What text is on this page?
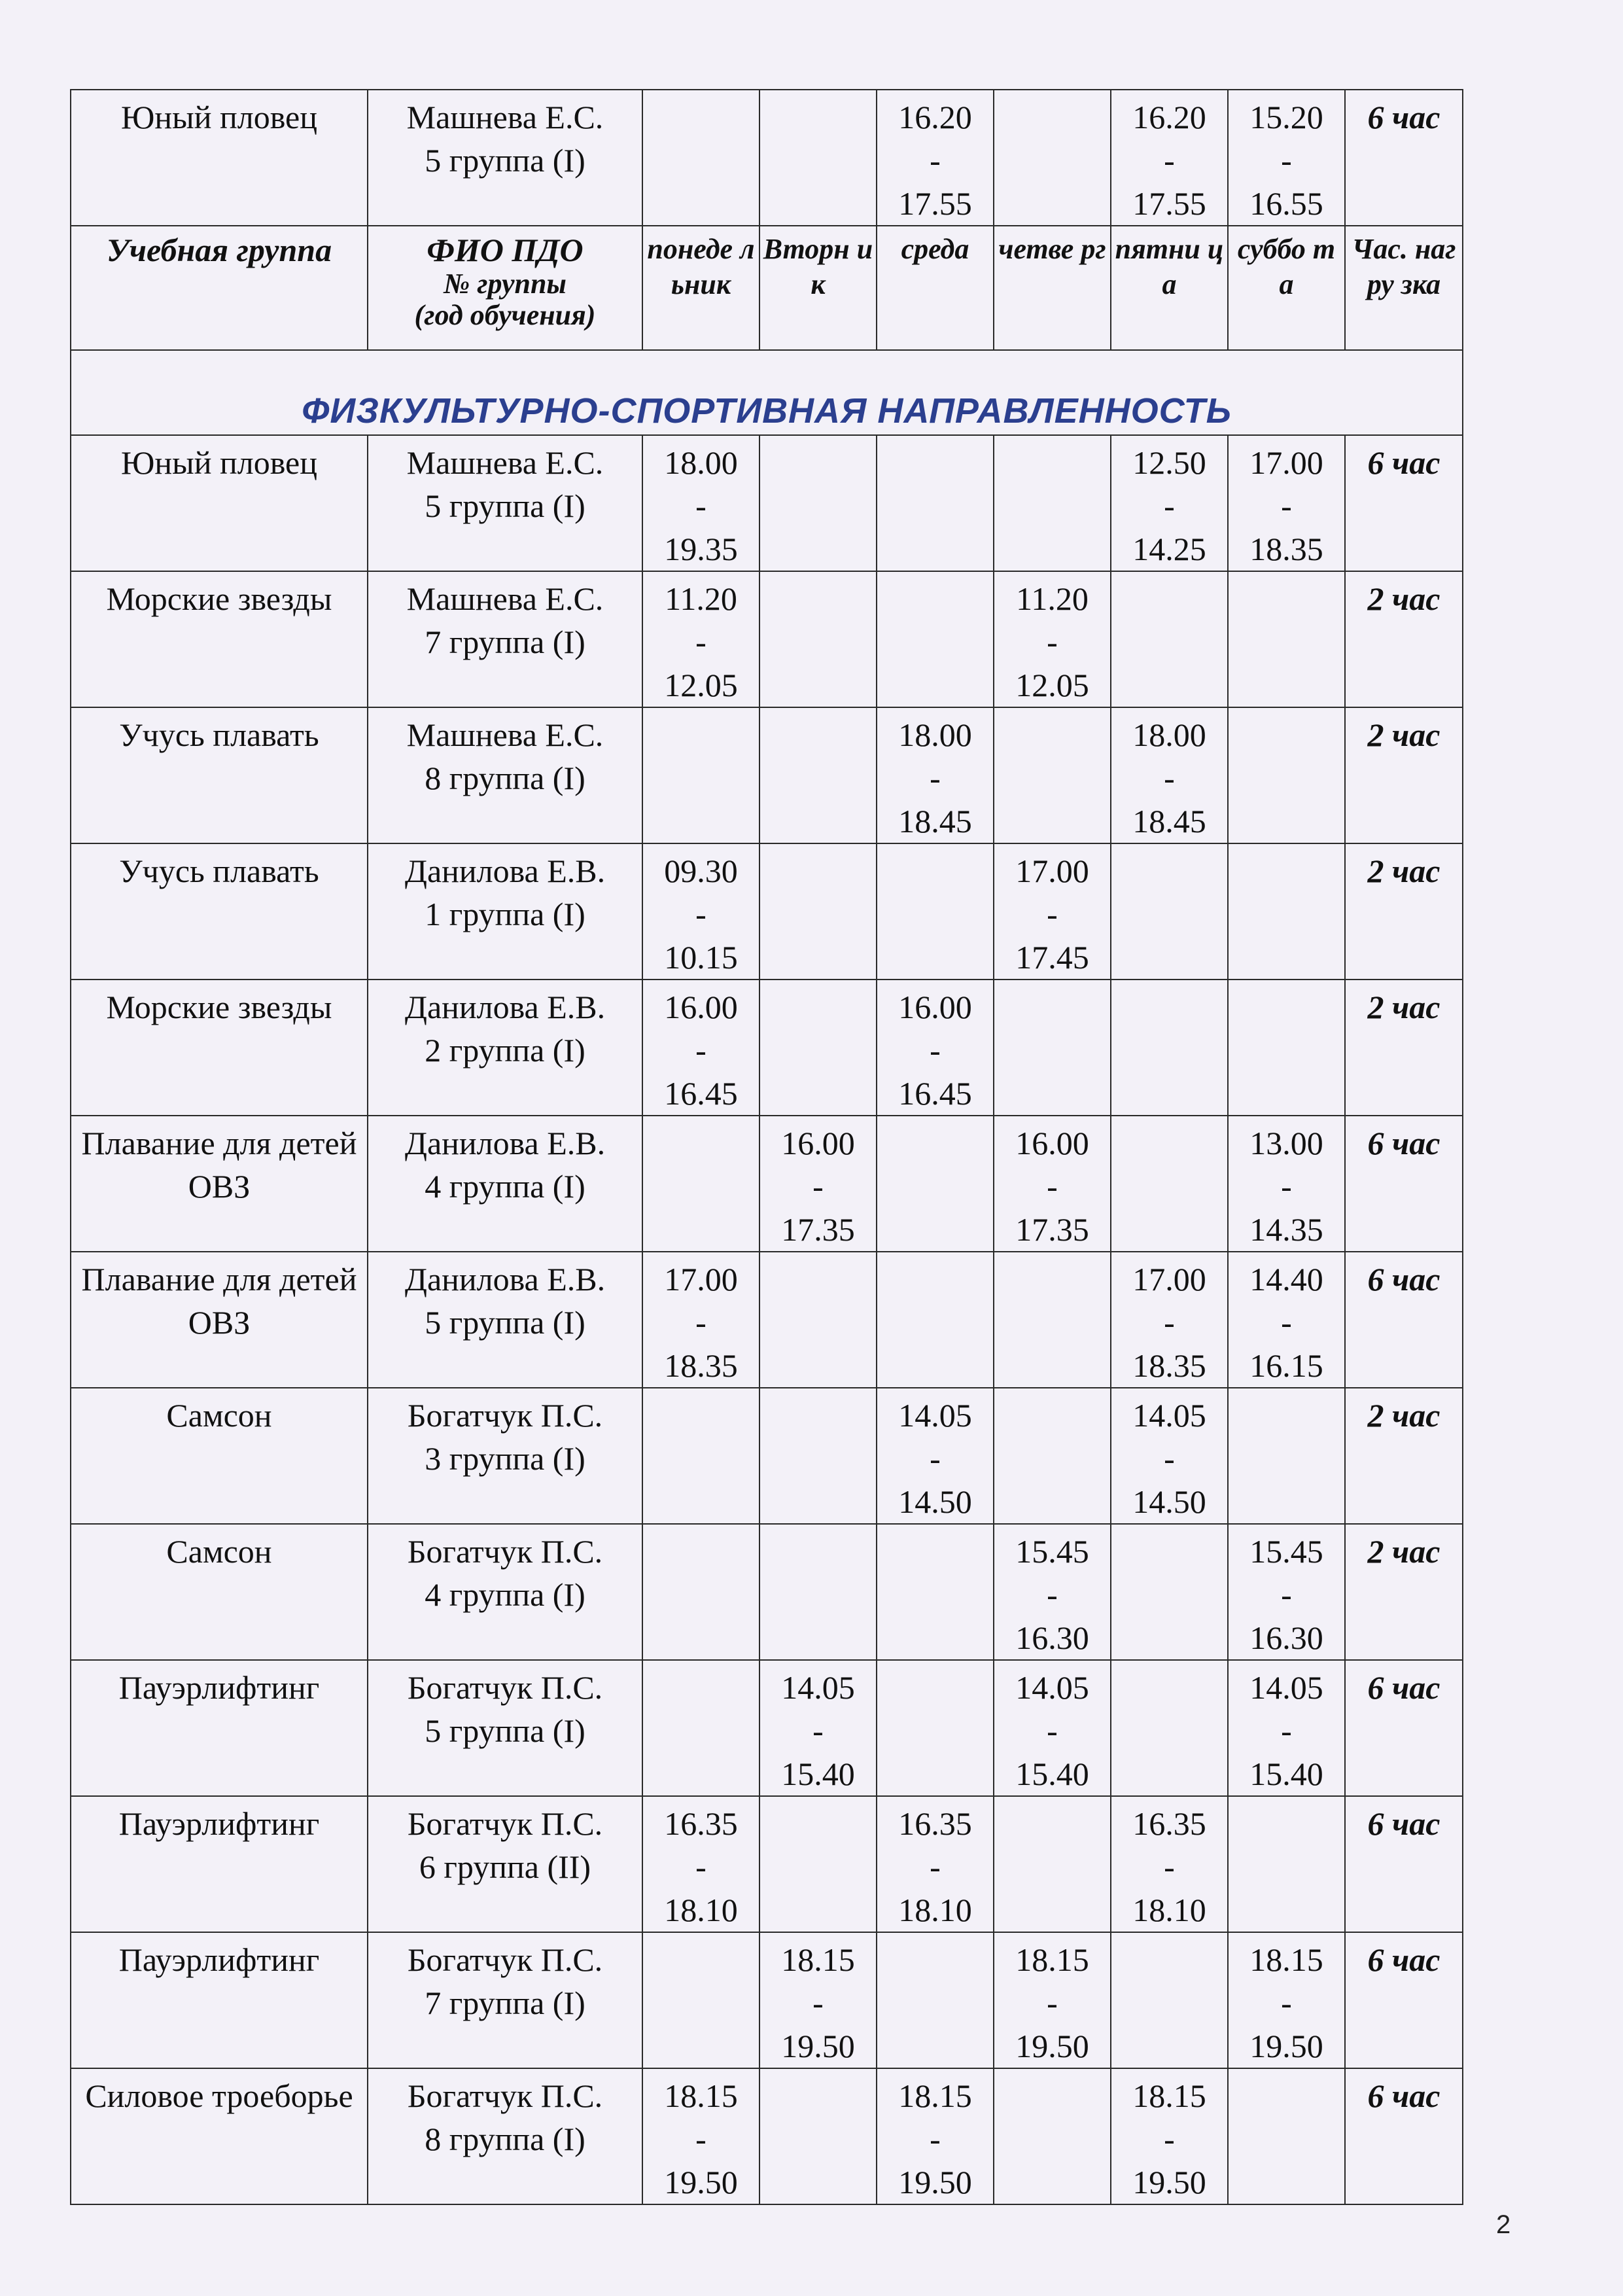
Юный пловец	Машнева Е.С.
5 группа (I)			16.20
-
17.55		16.20
-
17.55	15.20
-
16.55	6 час
Учебная группа	ФИО ПДО
№ группы
(год обучения)	понеде льник	Вторн ик	среда	четве рг	пятни ца	суббо та	Час. нагру зка
ФИЗКУЛЬТУРНО-СПОРТИВНАЯ НАПРАВЛЕННОСТЬ								
Юный пловец	Машнева Е.С.
5 группа (I)	18.00
-
19.35				12.50
-
14.25	17.00
-
18.35	6 час
Морские звезды	Машнева Е.С.
7 группа (I)	11.20
-
12.05			11.20
-
12.05			2 час
Учусь плавать	Машнева Е.С.
8 группа (I)			18.00
-
18.45		18.00
-
18.45		2 час
Учусь плавать	Данилова Е.В.
1 группа (I)	09.30
-
10.15			17.00
-
17.45			2 час
Морские звезды	Данилова Е.В.
2 группа (I)	16.00
-
16.45		16.00
-
16.45				2 час
Плавание для детей ОВЗ	Данилова Е.В.
4 группа (I)		16.00
-
17.35		16.00
-
17.35		13.00
-
14.35	6 час
Плавание для детей ОВЗ	Данилова Е.В.
5 группа (I)	17.00
-
18.35				17.00
-
18.35	14.40
-
16.15	6 час
Самсон	Богатчук П.С.
3 группа (I)			14.05
-
14.50		14.05
-
14.50		2 час
Самсон	Богатчук П.С.
4 группа (I)				15.45
-
16.30		15.45
-
16.30	2 час
Пауэрлифтинг	Богатчук П.С.
5 группа (I)		14.05
-
15.40		14.05
-
15.40		14.05
-
15.40	6 час
Пауэрлифтинг	Богатчук П.С.
6 группа (II)	16.35
-
18.10		16.35
-
18.10		16.35
-
18.10		6 час
Пауэрлифтинг	Богатчук П.С.
7 группа (I)		18.15
-
19.50		18.15
-
19.50		18.15
-
19.50	6 час
Силовое троеборье	Богатчук П.С.
8 группа (I)	18.15
-
19.50		18.15
-
19.50		18.15
-
19.50		6 час
2
